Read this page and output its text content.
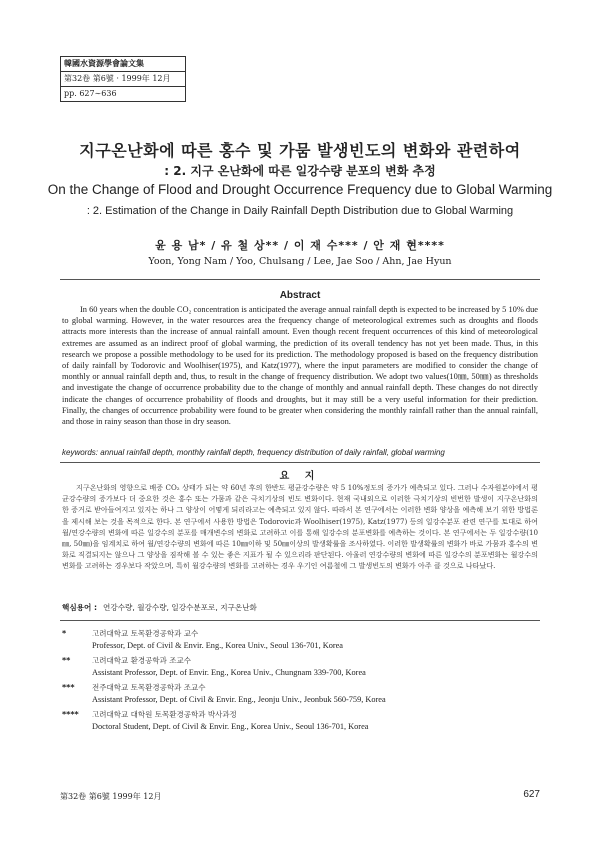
韓國水資源學會論文集
第32卷 第6號 · 1999年 12月
pp. 627∼636
지구온난화에 따른 홍수 및 가뭄 발생빈도의 변화와 관련하여
: 2. 지구 온난화에 따른 일강수량 분포의 변화 추정
On the Change of Flood and Drought Occurrence Frequency due to Global Warming
: 2. Estimation of the Change in Daily Rainfall Depth Distribution due to Global Warming
윤 용 남* / 유 철 상** / 이 재 수*** / 안 재 현****
Yoon, Yong Nam / Yoo, Chulsang / Lee, Jae Soo / Ahn, Jae Hyun
Abstract
In 60 years when the double CO₂ concentration is anticipated the average annual rainfall depth is expected to be increased by 5 10% due to global warming. However, in the water resources area the frequency change of meteorological extremes such as droughts and floods attracts more interests than the increase of annual rainfall amount. Even though recent frequent occurrences of this kind of meteorological extremes are assumed as an indirect proof of global warming, the prediction of its overall tendency has not yet been made. Thus, in this research we propose a possible methodology to be used for its prediction. The methodology proposed is based on the frequency distribution of daily rainfall by Todorovic and Woolhiser(1975), and Katz(1977), where the input parameters are modified to consider the change of monthly or annual rainfall depth and, thus, to result in the change of frequency distribution. We adopt two values(10㎜, 50㎜) as thresholds and investigate the change of occurrence probability due to the change of monthly and annual rainfall depth. These changes do not directly indicate the changes of occurrence probability of floods and droughts, but it may still be a very useful information for their prediction. Finally, the changes of occurrence probability were found to be greater when considering the monthly rainfall rather than the annual rainfall, and those in rainy season than those in dry season.
keywords: annual rainfall depth, monthly rainfall depth, frequency distribution of daily rainfall, global warming
요 지
지구온난화의 영향으로 배증 CO₂ 상태가 되는 약 60년 후의 한반도 평균강수량은 약 5 10%정도의 증가가 예측되고 있다. 그러나 수자원분야에서 평균강수량의 증가보다 더 중요한 것은 홍수 또는 가뭄과 같은 극치기상의 빈도 변화이다. 현재 국내외으로 이러한 극치기상의 빈번한 발생이 지구온난화의 한 증거로 받아들여지고 있지는 하나 그 양상이 어떻게 되리라고는 예측되고 있지 않다. 따라서 본 연구에서는 이러한 변화 양상을 예측해 보기 위한 방법론을 제시해 보는 것을 목적으로 한다. 본 연구에서 사용한 방법은 Todorovic과 Woolhiser(1975), Katz(1977) 등의 일강수분포 관련 연구를 토대로 하여 월/연강수량의 변화에 따른 일강수의 분포를 매개변수의 변화로 고려하고 이를 통해 일강수의 분포변화를 예측하는 것이다. 본 연구에서는 두 일강수량(10㎜, 50㎜)을 임계치로 하여 월/연강수량의 변화에 따른 10㎜이하 및 50㎜이상의 발생확률을 조사하였다. 이러한 발생확률의 변화가 바로 가뭄과 홍수의 변화로 직결되지는 않으나 그 양상을 짐작해 볼 수 있는 좋은 지표가 될 수 있으리라 판단된다. 아울러 연강수량의 변화에 따른 일강수의 분포변화는 월강수의 변화를 고려하는 경우보다 작았으며, 특히 월강수량의 변화를 고려하는 경우 우기인 여름철에 그 발생빈도의 변화가 아주 클 것으로 나타났다.
핵심용어 : 연강수량, 월강수량, 일강수분포로, 지구온난화
*	고려대학교 토목환경공학과 교수
Professor, Dept. of Civil & Envir. Eng., Korea Univ., Seoul 136-701, Korea
**	고려대학교 환경공학과 조교수
Assistant Professor, Dept. of Envir. Eng., Korea Univ., Chungnam 339-700, Korea
***	전주대학교 토목환경공학과 조교수
Assistant Professor, Dept. of Civil & Envir. Eng., Jeonju Univ., Jeonbuk 560-759, Korea
****	고려대학교 대학원 토목환경공학과 박사과정
Doctoral Student, Dept. of Civil & Envir. Eng., Korea Univ., Seoul 136-701, Korea
第32卷 第6號 1999年 12月	627
